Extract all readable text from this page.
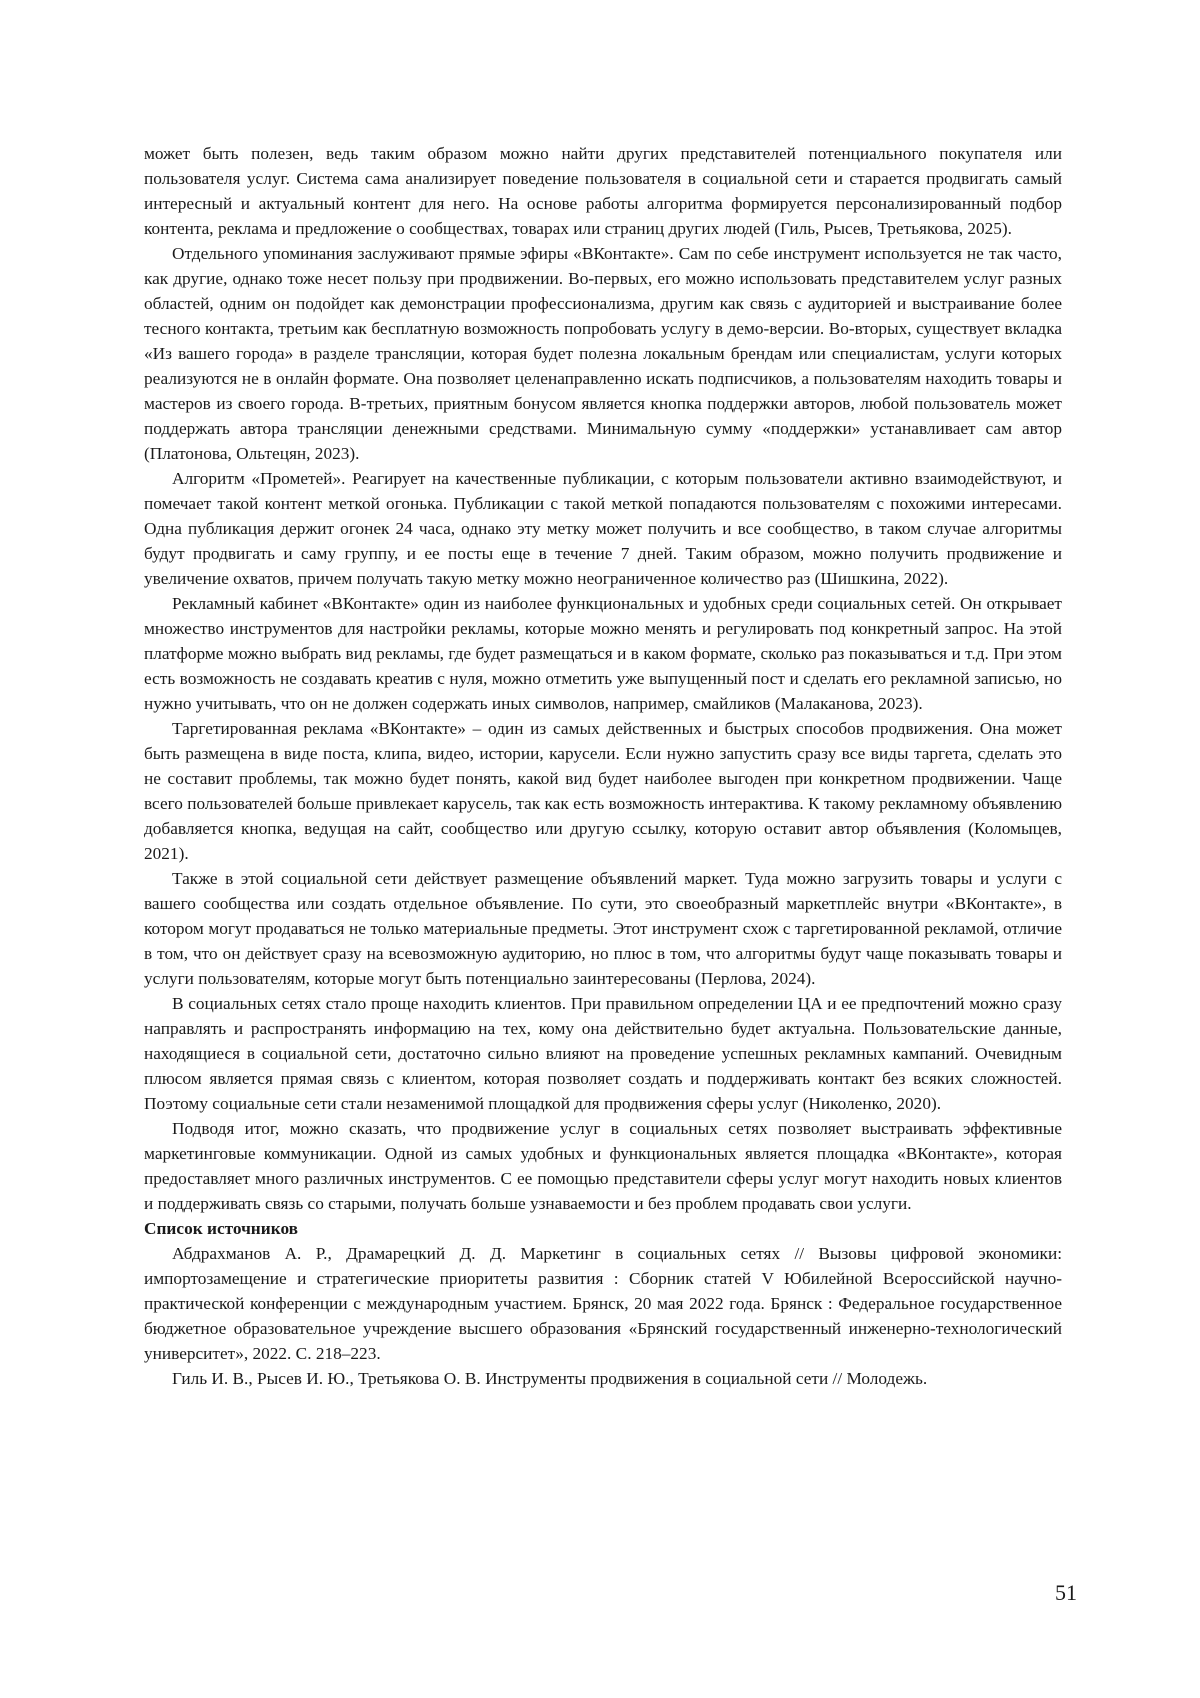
может быть полезен, ведь таким образом можно найти других представителей потенциального покупателя или пользователя услуг. Система сама анализирует поведение пользователя в социальной сети и старается продвигать самый интересный и актуальный контент для него. На основе работы алгоритма формируется персонализированный подбор контента, реклама и предложение о сообществах, товарах или страниц других людей (Гиль, Рысев, Третьякова, 2025).

Отдельного упоминания заслуживают прямые эфиры «ВКонтакте». Сам по себе инструмент используется не так часто, как другие, однако тоже несет пользу при продвижении. Во-первых, его можно использовать представителем услуг разных областей, одним он подойдет как демонстрации профессионализма, другим как связь с аудиторией и выстраивание более тесного контакта, третьим как бесплатную возможность попробовать услугу в демо-версии. Во-вторых, существует вкладка «Из вашего города» в разделе трансляции, которая будет полезна локальным брендам или специалистам, услуги которых реализуются не в онлайн формате. Она позволяет целенаправленно искать подписчиков, а пользователям находить товары и мастеров из своего города. В-третьих, приятным бонусом является кнопка поддержки авторов, любой пользователь может поддержать автора трансляции денежными средствами. Минимальную сумму «поддержки» устанавливает сам автор (Платонова, Ольтецян, 2023).

Алгоритм «Прометей». Реагирует на качественные публикации, с которым пользователи активно взаимодействуют, и помечает такой контент меткой огонька. Публикации с такой меткой попадаются пользователям с похожими интересами. Одна публикация держит огонек 24 часа, однако эту метку может получить и все сообщество, в таком случае алгоритмы будут продвигать и саму группу, и ее посты еще в течение 7 дней. Таким образом, можно получить продвижение и увеличение охватов, причем получать такую метку можно неограниченное количество раз (Шишкина, 2022).

Рекламный кабинет «ВКонтакте» один из наиболее функциональных и удобных среди социальных сетей. Он открывает множество инструментов для настройки рекламы, которые можно менять и регулировать под конкретный запрос. На этой платформе можно выбрать вид рекламы, где будет размещаться и в каком формате, сколько раз показываться и т.д. При этом есть возможность не создавать креатив с нуля, можно отметить уже выпущенный пост и сделать его рекламной записью, но нужно учитывать, что он не должен содержать иных символов, например, смайликов (Малаканова, 2023).

Таргетированная реклама «ВКонтакте» – один из самых действенных и быстрых способов продвижения. Она может быть размещена в виде поста, клипа, видео, истории, карусели. Если нужно запустить сразу все виды таргета, сделать это не составит проблемы, так можно будет понять, какой вид будет наиболее выгоден при конкретном продвижении. Чаще всего пользователей больше привлекает карусель, так как есть возможность интерактива. К такому рекламному объявлению добавляется кнопка, ведущая на сайт, сообщество или другую ссылку, которую оставит автор объявления (Коломыцев, 2021).

Также в этой социальной сети действует размещение объявлений маркет. Туда можно загрузить товары и услуги с вашего сообщества или создать отдельное объявление. По сути, это своеобразный маркетплейс внутри «ВКонтакте», в котором могут продаваться не только материальные предметы. Этот инструмент схож с таргетированной рекламой, отличие в том, что он действует сразу на всевозможную аудиторию, но плюс в том, что алгоритмы будут чаще показывать товары и услуги пользователям, которые могут быть потенциально заинтересованы (Перлова, 2024).

В социальных сетях стало проще находить клиентов. При правильном определении ЦА и ее предпочтений можно сразу направлять и распространять информацию на тех, кому она действительно будет актуальна. Пользовательские данные, находящиеся в социальной сети, достаточно сильно влияют на проведение успешных рекламных кампаний. Очевидным плюсом является прямая связь с клиентом, которая позволяет создать и поддерживать контакт без всяких сложностей. Поэтому социальные сети стали незаменимой площадкой для продвижения сферы услуг (Николенко, 2020).

Подводя итог, можно сказать, что продвижение услуг в социальных сетях позволяет выстраивать эффективные маркетинговые коммуникации. Одной из самых удобных и функциональных является площадка «ВКонтакте», которая предоставляет много различных инструментов. С ее помощью представители сферы услуг могут находить новых клиентов и поддерживать связь со старыми, получать больше узнаваемости и без проблем продавать свои услуги.

Список источников

Абдрахманов А. Р., Драмарецкий Д. Д. Маркетинг в социальных сетях // Вызовы цифровой экономики: импортозамещение и стратегические приоритеты развития : Сборник статей V Юбилейной Всероссийской научно-практической конференции с международным участием. Брянск, 20 мая 2022 года. Брянск : Федеральное государственное бюджетное образовательное учреждение высшего образования «Брянский государственный инженерно-технологический университет», 2022. С. 218–223.

Гиль И. В., Рысев И. Ю., Третьякова О. В. Инструменты продвижения в социальной сети // Молодежь.

51
